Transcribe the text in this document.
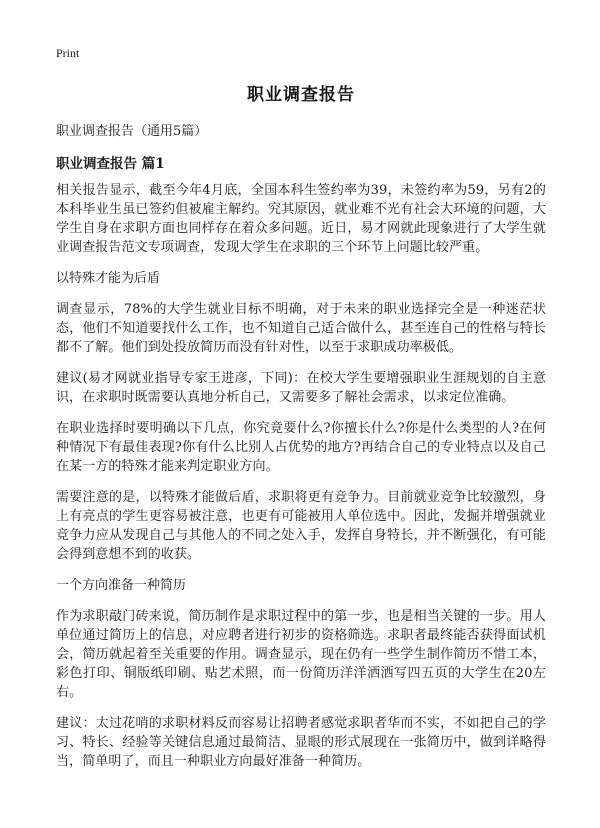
Print
职业调查报告
职业调查报告（通用5篇）
职业调查报告 篇1

相关报告显示，截至今年4月底，全国本科生签约率为39，未签约率为59，另有2的本科毕业生虽已签约但被雇主解约。究其原因，就业难不光有社会大环境的问题，大学生自身在求职方面也同样存在着众多问题。近日，易才网就此现象进行了大学生就业调查报告范文专项调查，发现大学生在求职的三个环节上问题比较严重。

以特殊才能为后盾

调查显示，78%的大学生就业目标不明确，对于未来的职业选择完全是一种迷茫状态，他们不知道要找什么工作，也不知道自己适合做什么，甚至连自己的性格与特长都不了解。他们到处投放简历而没有针对性，以至于求职成功率极低。

建议(易才网就业指导专家王进彦，下同)：在校大学生要增强职业生涯规划的自主意识，在求职时既需要认真地分析自己，又需要多了解社会需求，以求定位准确。

在职业选择时要明确以下几点，你究竟要什么?你擅长什么?你是什么类型的人?在何种情况下有最佳表现?你有什么比别人占优势的地方?再结合自己的专业特点以及自己在某一方的特殊才能来判定职业方向。

需要注意的是，以特殊才能做后盾，求职将更有竞争力。目前就业竞争比较激烈，身上有亮点的学生更容易被注意，也更有可能被用人单位选中。因此，发掘并增强就业竞争力应从发现自己与其他人的不同之处入手，发挥自身特长，并不断强化，有可能会得到意想不到的收获。

一个方向准备一种简历

作为求职敲门砖来说，简历制作是求职过程中的第一步，也是相当关键的一步。用人单位通过简历上的信息，对应聘者进行初步的资格筛选。求职者最终能否获得面试机会，简历就起着至关重要的作用。调查显示，现在仍有一些学生制作简历不惜工本，彩色打印、铜版纸印刷、贴艺术照，而一份简历洋洋洒洒写四五页的大学生在20左右。

建议：太过花哨的求职材料反而容易让招聘者感觉求职者华而不实，不如把自己的学习、特长、经验等关键信息通过最简洁、显眼的形式展现在一张简历中，做到详略得当，简单明了，而且一种职业方向最好准备一种简历。
